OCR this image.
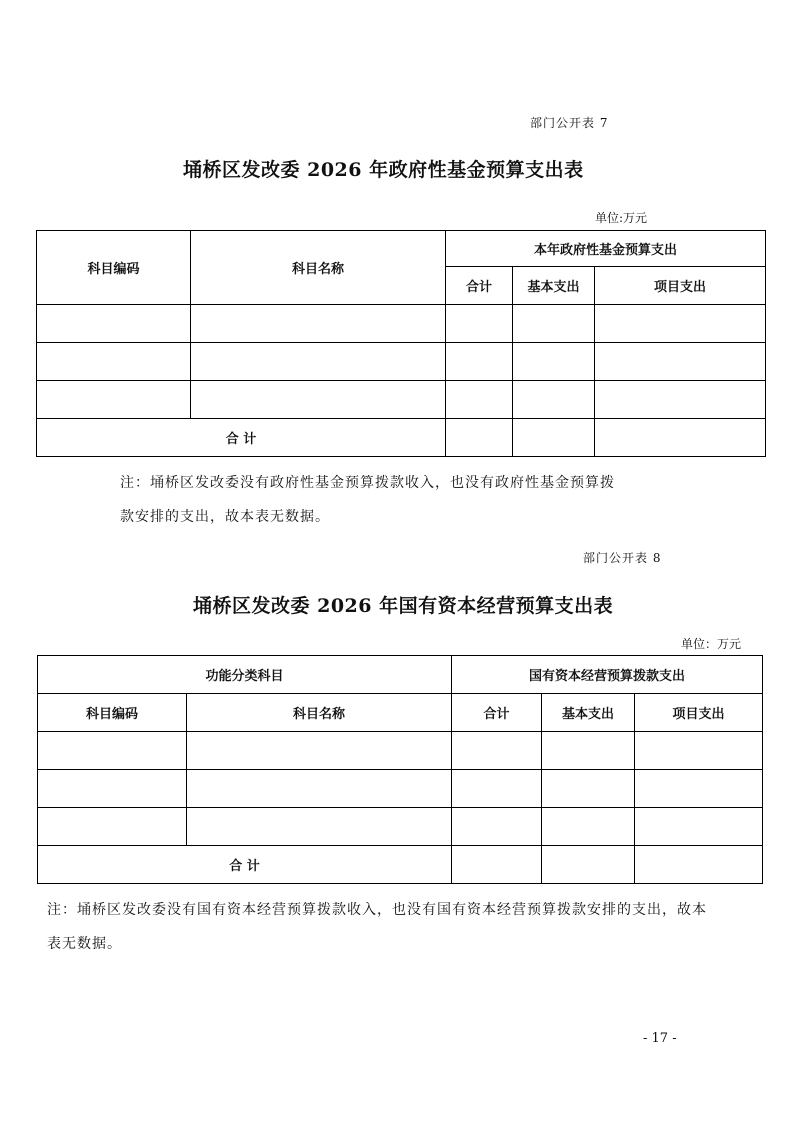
部门公开表 7
埇桥区发改委 2026 年政府性基金预算支出表
单位:万元
科目编码	科目名称	本年政府性基金预算支出		
		合计	基本支出	项目支出

合 计				
注：埇桥区发改委没有政府性基金预算拨款收入，也没有政府性基金预算拨
款安排的支出，故本表无数据。
部门公开表 8
埇桥区发改委 2026 年国有资本经营预算支出表
单位：万元
功能分类科目		国有资本经营预算拨款支出		
科目编码	科目名称	合计	基本支出	项目支出

合 计				
注：埇桥区发改委没有国有资本经营预算拨款收入，也没有国有资本经营预算拨款安排的支出，故本
表无数据。
- 17 -
